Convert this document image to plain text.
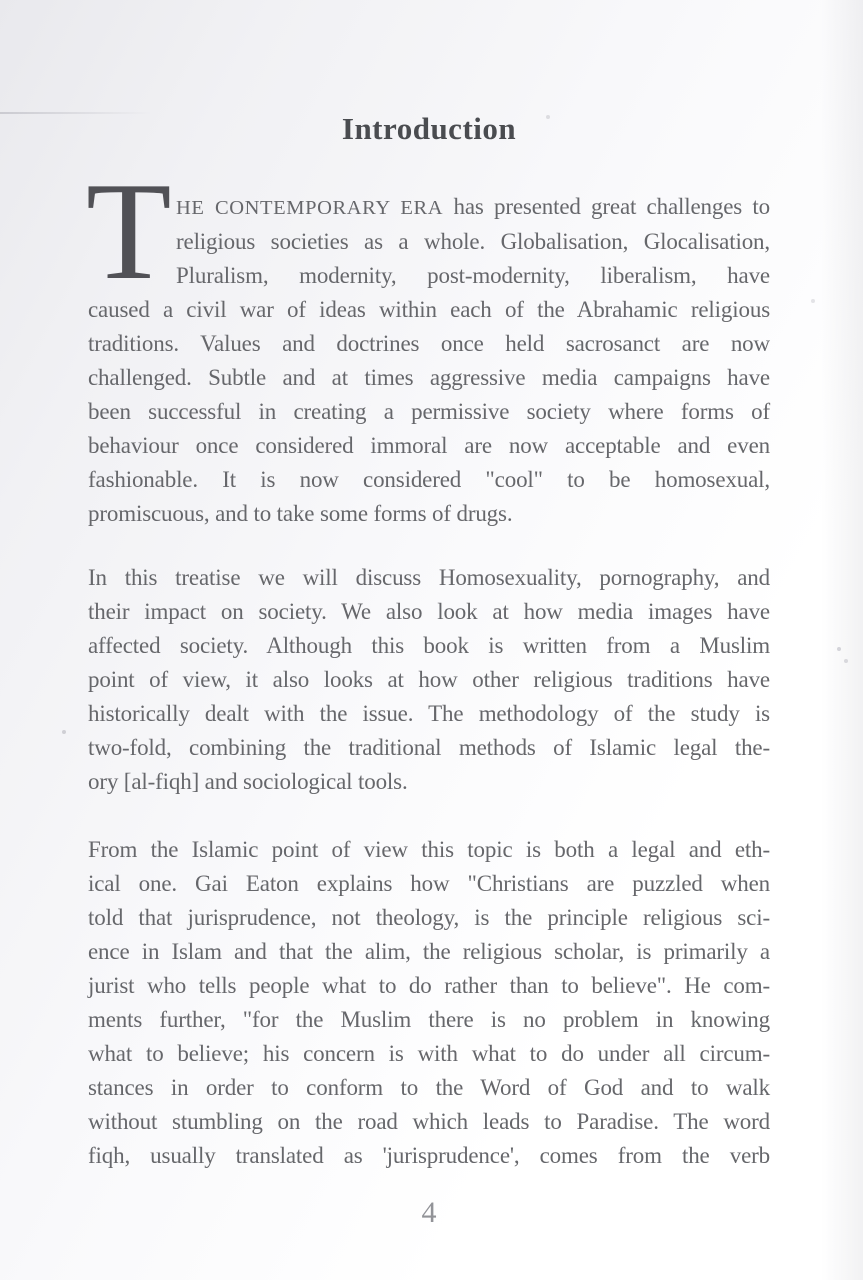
Introduction
T HE CONTEMPORARY ERA has presented great challenges to
religious societies as a whole. Globalisation, Glocalisation,
Pluralism, modernity, post-modernity, liberalism, have
caused a civil war of ideas within each of the Abrahamic religious
traditions. Values and doctrines once held sacrosanct are now
challenged. Subtle and at times aggressive media campaigns have
been successful in creating a permissive society where forms of
behaviour once considered immoral are now acceptable and even
fashionable. It is now considered "cool" to be homosexual,
promiscuous, and to take some forms of drugs.
In this treatise we will discuss Homosexuality, pornography, and
their impact on society. We also look at how media images have
affected society. Although this book is written from a Muslim
point of view, it also looks at how other religious traditions have
historically dealt with the issue. The methodology of the study is
two-fold, combining the traditional methods of Islamic legal the-
ory [al-fiqh] and sociological tools.
From the Islamic point of view this topic is both a legal and eth-
ical one. Gai Eaton explains how "Christians are puzzled when
told that jurisprudence, not theology, is the principle religious sci-
ence in Islam and that the alim, the religious scholar, is primarily a
jurist who tells people what to do rather than to believe". He com-
ments further, "for the Muslim there is no problem in knowing
what to believe; his concern is with what to do under all circum-
stances in order to conform to the Word of God and to walk
without stumbling on the road which leads to Paradise. The word
fiqh, usually translated as 'jurisprudence', comes from the verb
4
